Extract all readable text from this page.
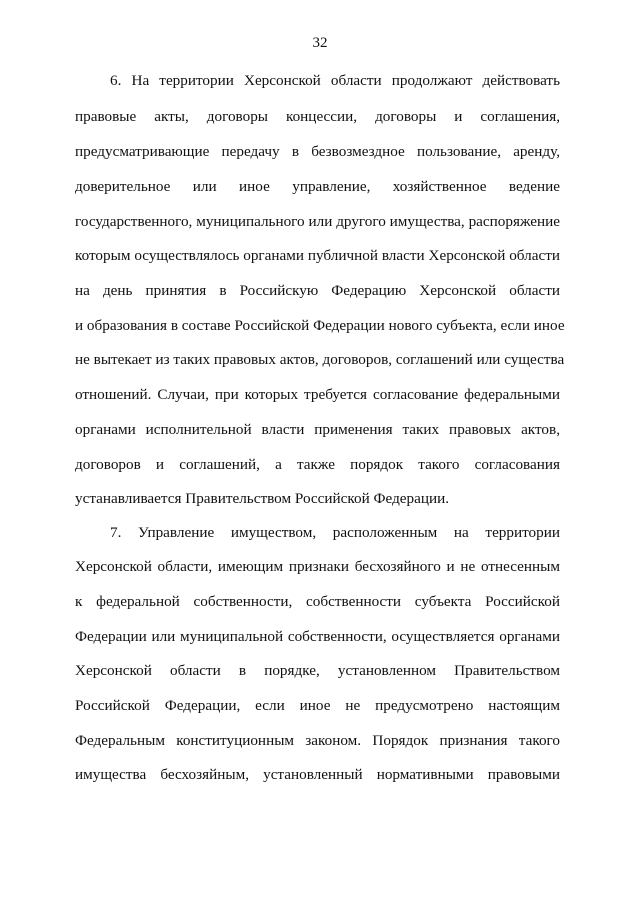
32
6. На территории Херсонской области продолжают действовать
правовые акты, договоры концессии, договоры и соглашения,
предусматривающие передачу в безвозмездное пользование, аренду,
доверительное или иное управление, хозяйственное ведение
государственного, муниципального или другого имущества, распоряжение
которым осуществлялось органами публичной власти Херсонской области
на день принятия в Российскую Федерацию Херсонской области
и образования в составе Российской Федерации нового субъекта, если иное
не вытекает из таких правовых актов, договоров, соглашений или существа
отношений. Случаи, при которых требуется согласование федеральными
органами исполнительной власти применения таких правовых актов,
договоров и соглашений, а также порядок такого согласования
устанавливается Правительством Российской Федерации.
7. Управление имуществом, расположенным на территории
Херсонской области, имеющим признаки бесхозяйного и не отнесенным
к федеральной собственности, собственности субъекта Российской
Федерации или муниципальной собственности, осуществляется органами
Херсонской области в порядке, установленном Правительством
Российской Федерации, если иное не предусмотрено настоящим
Федеральным конституционным законом. Порядок признания такого
имущества бесхозяйным, установленный нормативными правовыми
